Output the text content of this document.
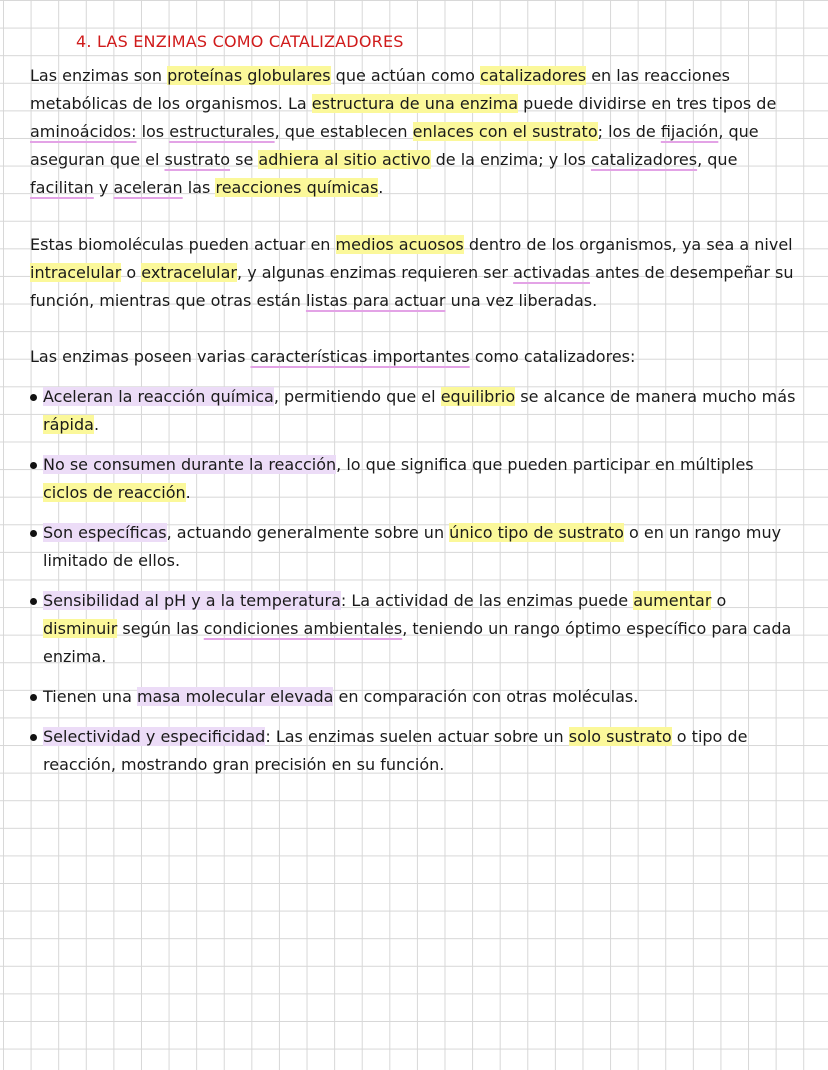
4. LAS ENZIMAS COMO CATALIZADORES
Las enzimas son proteínas globulares que actúan como catalizadores en las reacciones metabólicas de los organismos. La estructura de una enzima puede dividirse en tres tipos de aminoácidos: los estructurales, que establecen enlaces con el sustrato; los de fijación, que aseguran que el sustrato se adhiera al sitio activo de la enzima; y los catalizadores, que facilitan y aceleran las reacciones químicas.
Estas biomoléculas pueden actuar en medios acuosos dentro de los organismos, ya sea a nivel intracelular o extracelular, y algunas enzimas requieren ser activadas antes de desempeñar su función, mientras que otras están listas para actuar una vez liberadas.
Las enzimas poseen varias características importantes como catalizadores:
Aceleran la reacción química, permitiendo que el equilibrio se alcance de manera mucho más rápida.
No se consumen durante la reacción, lo que significa que pueden participar en múltiples ciclos de reacción.
Son específicas, actuando generalmente sobre un único tipo de sustrato o en un rango muy limitado de ellos.
Sensibilidad al pH y a la temperatura: La actividad de las enzimas puede aumentar o disminuir según las condiciones ambientales, teniendo un rango óptimo específico para cada enzima.
Tienen una masa molecular elevada en comparación con otras moléculas.
Selectividad y especificidad: Las enzimas suelen actuar sobre un solo sustrato o tipo de reacción, mostrando gran precisión en su función.
